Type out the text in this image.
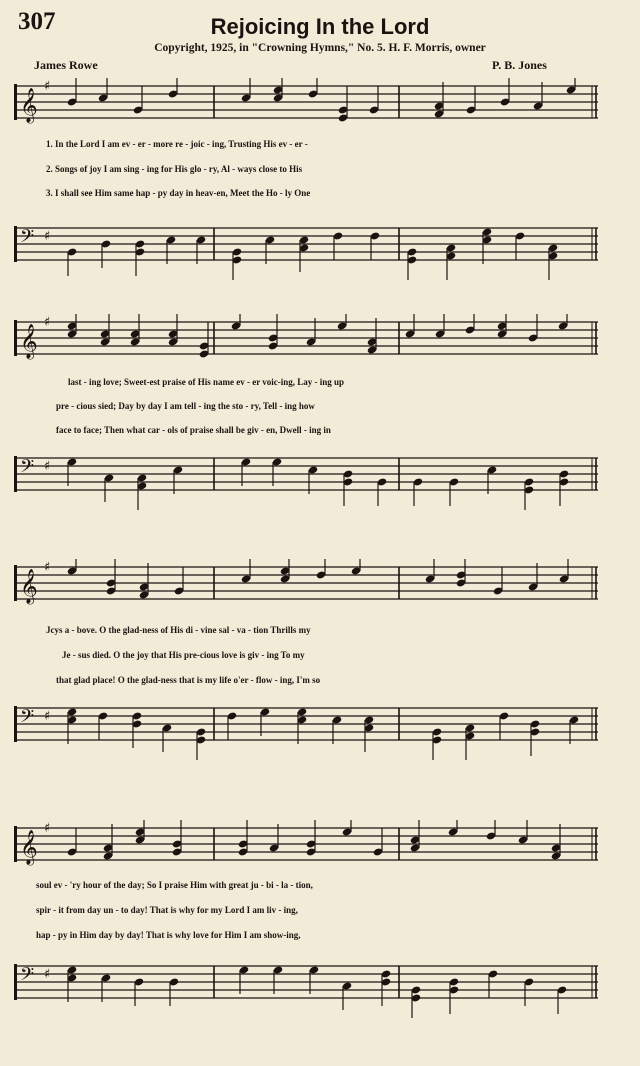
307	Rejoicing In the Lord
Copyright, 1925, in "Crowning Hymns," No. 5. H. F. Morris, owner
James Rowe	P. B. Jones
𝄞
♯
𝄢 ♯
1. In the Lord I am ev - er - more re - joic - ing, Trusting His ev - er -
2. Songs of joy I am sing - ing for His glo - ry, Al - ways close to His
3. I shall see Him same hap - py day in heav-en, Meet the Ho - ly One
𝄞
♯
𝄢 ♯
last - ing love; Sweet-est praise of His name ev - er voic-ing, Lay - ing up
pre - cious sied; Day by day I am tell - ing the sto - ry, Tell - ing how
face to face; Then what car - ols of praise shall be giv - en, Dwell - ing in
𝄞
♯
𝄢 ♯
Jcys a - bove. O the glad-ness of His di - vine sal - va - tion Thrills my
Je - sus died. O the joy that His pre-cious love is giv - ing To my
that glad place! O the glad-ness that is my life o'er - flow - ing, I'm so
𝄞
♯
𝄢 ♯
soul ev - 'ry hour of the day; So I praise Him with great ju - bi - la - tion,
spir - it from day un - to day! That is why for my Lord I am liv - ing,
hap - py in Him day by day! That is why love for Him I am show-ing,
